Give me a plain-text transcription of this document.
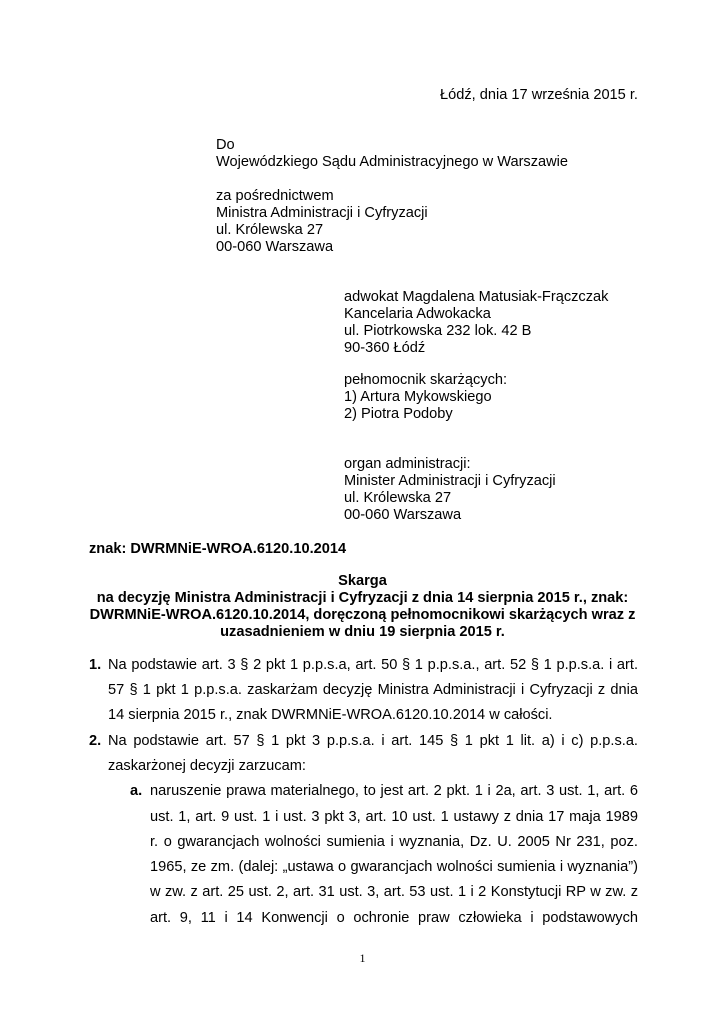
Łódź, dnia 17 września 2015 r.
Do
Wojewódzkiego Sądu Administracyjnego w Warszawie
za pośrednictwem
Ministra Administracji i Cyfryzacji
ul. Królewska 27
00-060 Warszawa
adwokat Magdalena Matusiak-Frączczak
Kancelaria Adwokacka
ul. Piotrkowska 232 lok. 42 B
90-360 Łódź
pełnomocnik skarżących:
1) Artura Mykowskiego
2) Piotra Podoby
organ administracji:
Minister Administracji i Cyfryzacji
ul. Królewska 27
00-060 Warszawa
znak: DWRMNiE-WROA.6120.10.2014
Skarga
na decyzję Ministra Administracji i Cyfryzacji z dnia 14 sierpnia 2015 r., znak:
DWRMNiE-WROA.6120.10.2014, doręczoną pełnomocnikowi skarżących wraz z
uzasadnieniem w dniu 19 sierpnia 2015 r.
1. Na podstawie art. 3 § 2 pkt 1 p.p.s.a, art. 50 § 1 p.p.s.a., art. 52 § 1 p.p.s.a. i art.
57 § 1 pkt 1 p.p.s.a. zaskarżam decyzję Ministra Administracji i Cyfryzacji z dnia
14 sierpnia 2015 r., znak DWRMNiE-WROA.6120.10.2014 w całości.
2. Na podstawie art. 57 § 1 pkt 3 p.p.s.a. i art. 145 § 1 pkt 1 lit. a) i c) p.p.s.a.
zaskarżonej decyzji zarzucam:
a. naruszenie prawa materialnego, to jest art. 2 pkt. 1 i 2a, art. 3 ust. 1, art. 6
ust. 1, art. 9 ust. 1 i ust. 3 pkt 3, art. 10 ust. 1 ustawy z dnia 17 maja 1989
r. o gwarancjach wolności sumienia i wyznania, Dz. U. 2005 Nr 231, poz.
1965, ze zm. (dalej: „ustawa o gwarancjach wolności sumienia i wyznania”)
w zw. z art. 25 ust. 2, art. 31 ust. 3, art. 53 ust. 1 i 2 Konstytucji RP w zw. z
art. 9, 11 i 14 Konwencji o ochronie praw człowieka i podstawowych
1
